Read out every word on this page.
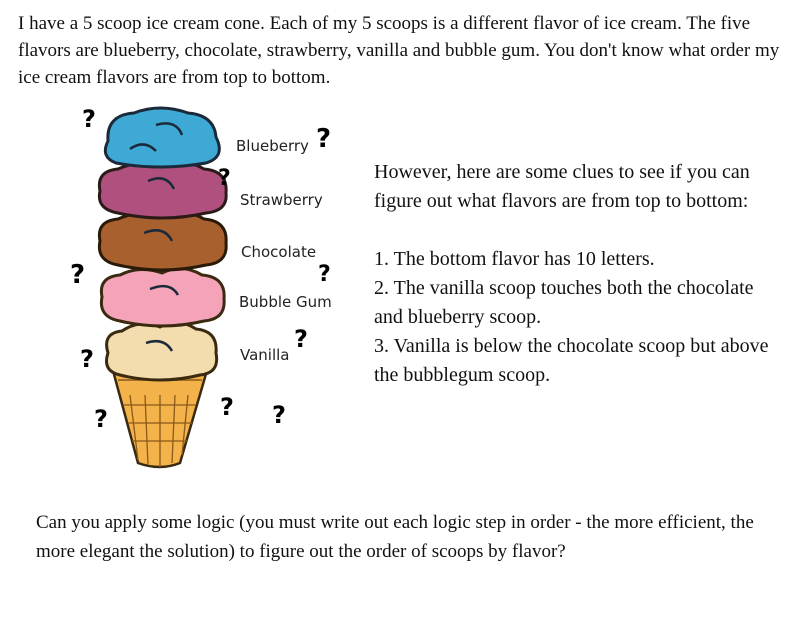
I have a 5 scoop ice cream cone. Each of my 5 scoops is a different flavor of ice cream. The five flavors are blueberry, chocolate, strawberry, vanilla and bubble gum. You don't know what order my ice cream flavors are from top to bottom.

?
?
?
?	?
?
?
? ?
?
Blueberry
Strawberry
Chocolate
Bubble Gum
Vanilla

However, here are some clues to see if you can figure out what flavors are from top to bottom:

1. The bottom flavor has 10 letters.
2. The vanilla scoop touches both the chocolate and blueberry scoop.
3. Vanilla is below the chocolate scoop but above the bubblegum scoop.

Can you apply some logic (you must write out each logic step in order - the more efficient, the more elegant the solution) to figure out the order of scoops by flavor?
